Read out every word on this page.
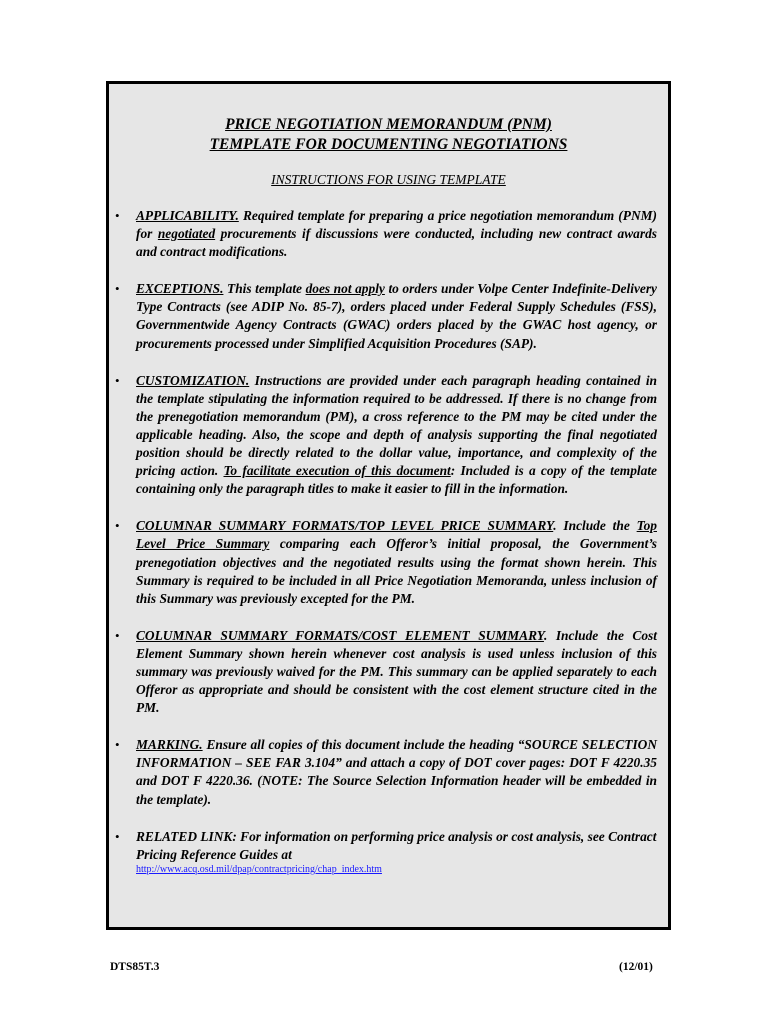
PRICE NEGOTIATION MEMORANDUM (PNM)
TEMPLATE FOR DOCUMENTING NEGOTIATIONS
INSTRUCTIONS FOR USING TEMPLATE
• APPLICABILITY. Required template for preparing a price negotiation memorandum (PNM) for negotiated procurements if discussions were conducted, including new contract awards and contract modifications.
• EXCEPTIONS. This template does not apply to orders under Volpe Center Indefinite-Delivery Type Contracts (see ADIP No. 85-7), orders placed under Federal Supply Schedules (FSS), Governmentwide Agency Contracts (GWAC) orders placed by the GWAC host agency, or procurements processed under Simplified Acquisition Procedures (SAP).
• CUSTOMIZATION. Instructions are provided under each paragraph heading contained in the template stipulating the information required to be addressed. If there is no change from the prenegotiation memorandum (PM), a cross reference to the PM may be cited under the applicable heading. Also, the scope and depth of analysis supporting the final negotiated position should be directly related to the dollar value, importance, and complexity of the pricing action. To facilitate execution of this document: Included is a copy of the template containing only the paragraph titles to make it easier to fill in the information.
• COLUMNAR SUMMARY FORMATS/TOP LEVEL PRICE SUMMARY. Include the Top Level Price Summary comparing each Offeror’s initial proposal, the Government’s prenegotiation objectives and the negotiated results using the format shown herein. This Summary is required to be included in all Price Negotiation Memoranda, unless inclusion of this Summary was previously excepted for the PM.
• COLUMNAR SUMMARY FORMATS/COST ELEMENT SUMMARY. Include the Cost Element Summary shown herein whenever cost analysis is used unless inclusion of this summary was previously waived for the PM. This summary can be applied separately to each Offeror as appropriate and should be consistent with the cost element structure cited in the PM.
• MARKING. Ensure all copies of this document include the heading “SOURCE SELECTION INFORMATION – SEE FAR 3.104” and attach a copy of DOT cover pages: DOT F 4220.35 and DOT F 4220.36. (NOTE: The Source Selection Information header will be embedded in the template).
• RELATED LINK: For information on performing price analysis or cost analysis, see Contract Pricing Reference Guides at
http://www.acq.osd.mil/dpap/contractpricing/chap_index.htm
DTS85T.3	(12/01)
